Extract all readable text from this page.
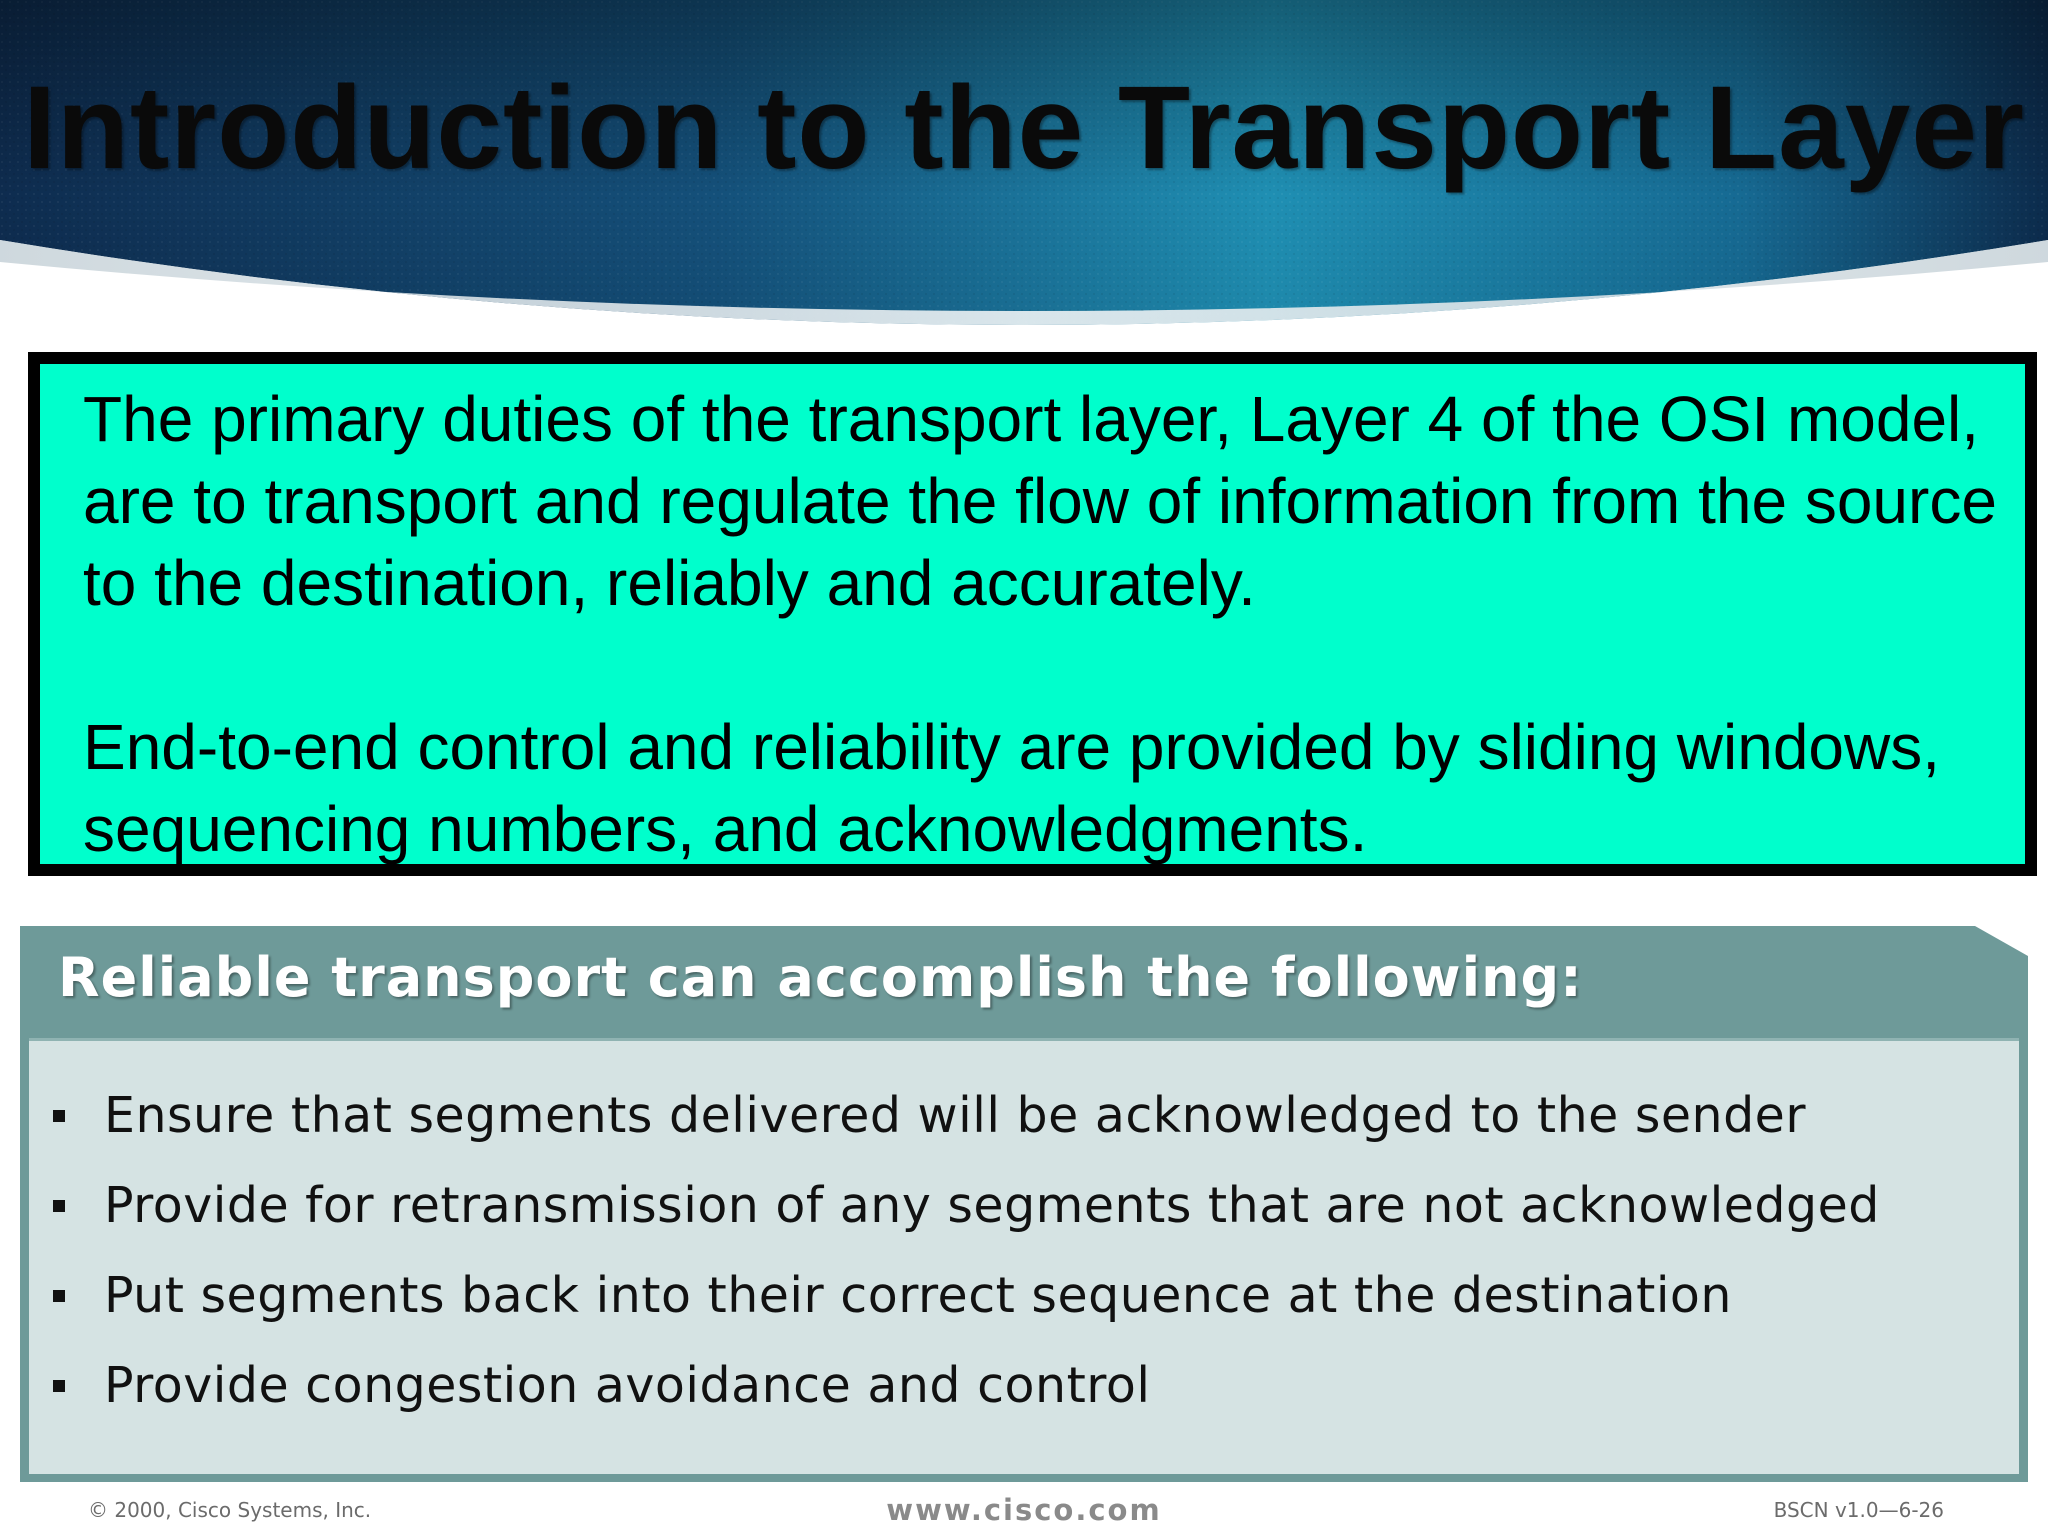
Introduction to the Transport Layer

The primary duties of the transport layer, Layer 4 of the OSI model, are to transport and regulate the flow of information from the source to the destination, reliably and accurately.

End-to-end control and reliability are provided by sliding windows, sequencing numbers, and acknowledgments.

Reliable transport can accomplish the following:
Ensure that segments delivered will be acknowledged to the sender
Provide for retransmission of any segments that are not acknowledged
Put segments back into their correct sequence at the destination
Provide congestion avoidance and control
© 2000, Cisco Systems, Inc.	www.cisco.com	BSCN v1.0—6-26
